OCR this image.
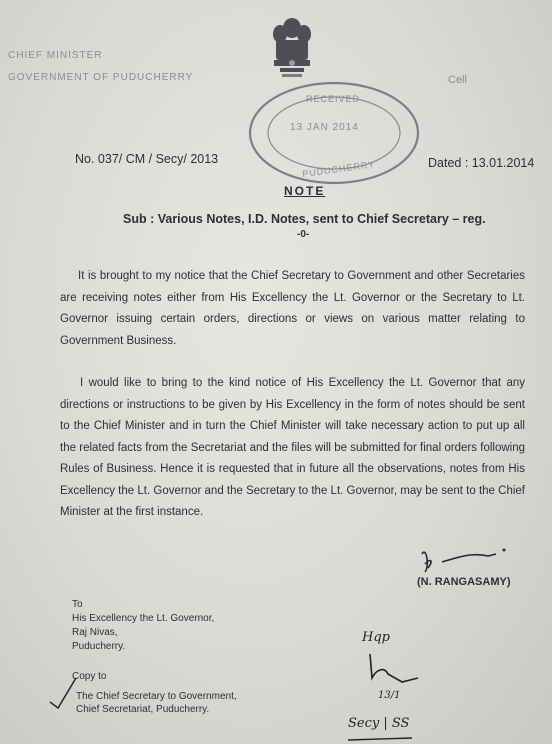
CHIEF MINISTER
GOVERNMENT OF PUDUCHERRY	Cell
RECEIVED
13 JAN 2014
PUDUCHERRY
No. 037/ CM / Secy/ 2013	Dated : 13.01.2014
NOTE
Sub : Various Notes, I.D. Notes, sent to Chief Secretary – reg.
-0-
It is brought to my notice that the Chief Secretary to Government and other Secretaries are receiving notes either from His Excellency the Lt. Governor or the Secretary to Lt. Governor issuing certain orders, directions or views on various matter relating to Government Business.
I would like to bring to the kind notice of His Excellency the Lt. Governor that any directions or instructions to be given by His Excellency in the form of notes should be sent to the Chief Minister and in turn the Chief Minister will take necessary action to put up all the related facts from the Secretariat and the files will be submitted for final orders following Rules of Business. Hence it is requested that in future all the observations, notes from His Excellency the Lt. Governor and the Secretary to the Lt. Governor, may be sent to the Chief Minister at the first instance.
(N. RANGASAMY)
To
His Excellency the Lt. Governor,
Raj Nivas,
Puducherry.
Copy to
The Chief Secretary to Government,
Chief Secretariat, Puducherry.
Hqp
13/1
Secy | SS
